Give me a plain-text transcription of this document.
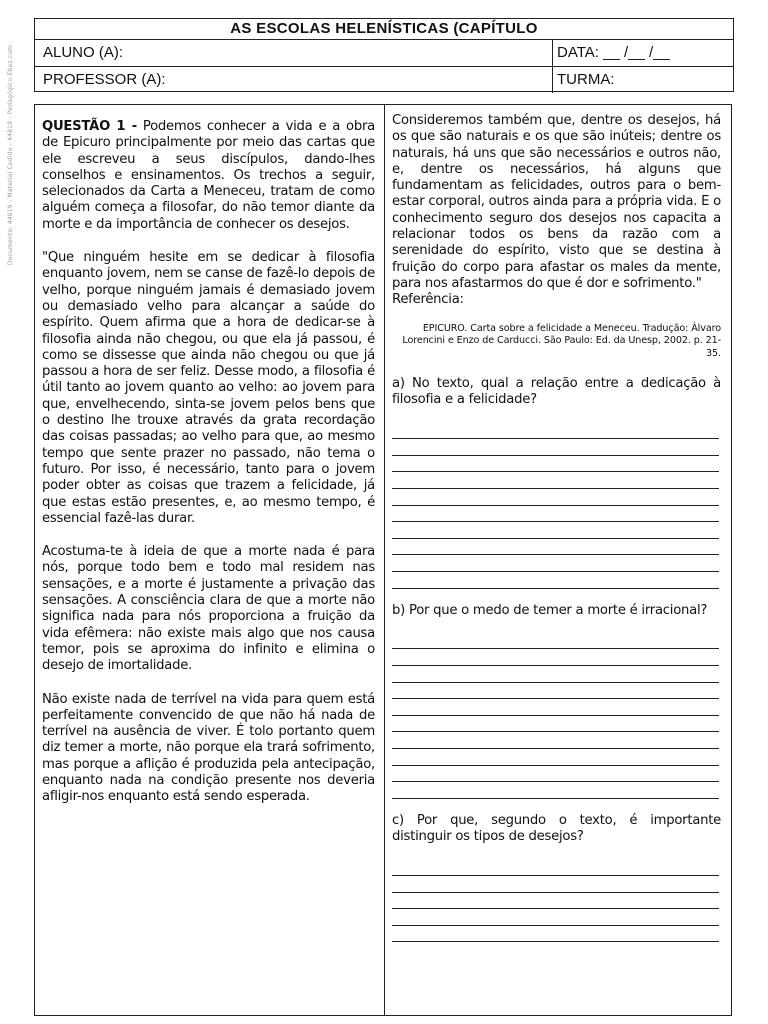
Documento: 44819 - Material Cedido - 44819 - Pedagógico Ebaz.com
AS ESCOLAS HELENÍSTICAS (CAPÍTULO
ALUNO (A):	DATA: __ /__ /__
PROFESSOR (A):	TURMA:

QUESTÃO 1 - Podemos conhecer a vida e a obra de Epicuro principalmente por meio das cartas que ele escreveu a seus discípulos, dando-lhes conselhos e ensinamentos. Os trechos a seguir, selecionados da Carta a Meneceu, tratam de como alguém começa a filosofar, do não temor diante da morte e da importância de conhecer os desejos.

"Que ninguém hesite em se dedicar à filosofia enquanto jovem, nem se canse de fazê-lo depois de velho, porque ninguém jamais é demasiado jovem ou demasiado velho para alcançar a saúde do espírito. Quem afirma que a hora de dedicar-se à filosofia ainda não chegou, ou que ela já passou, é como se dissesse que ainda não chegou ou que já passou a hora de ser feliz. Desse modo, a filosofia é útil tanto ao jovem quanto ao velho: ao jovem para que, envelhecendo, sinta-se jovem pelos bens que o destino lhe trouxe através da grata recordação das coisas passadas; ao velho para que, ao mesmo tempo que sente prazer no passado, não tema o futuro. Por isso, é necessário, tanto para o jovem poder obter as coisas que trazem a felicidade, já que estas estão presentes, e, ao mesmo tempo, é essencial fazê-las durar.

Acostuma-te à ideia de que a morte nada é para nós, porque todo bem e todo mal residem nas sensações, e a morte é justamente a privação das sensações. A consciência clara de que a morte não significa nada para nós proporciona a fruição da vida efêmera: não existe mais algo que nos causa temor, pois se aproxima do infinito e elimina o desejo de imortalidade.

Não existe nada de terrível na vida para quem está perfeitamente convencido de que não há nada de terrível na ausência de viver. É tolo portanto quem diz temer a morte, não porque ela trará sofrimento, mas porque a aflição é produzida pela antecipação, enquanto nada na condição presente nos deveria afligir-nos enquanto está sendo esperada.

Consideremos também que, dentre os desejos, há os que são naturais e os que são inúteis; dentre os naturais, há uns que são necessários e outros não, e, dentre os necessários, há alguns que fundamentam as felicidades, outros para o bem-estar corporal, outros ainda para a própria vida. E o conhecimento seguro dos desejos nos capacita a relacionar todos os bens da razão com a serenidade do espírito, visto que se destina à fruição do corpo para afastar os males da mente, para nos afastarmos do que é dor e sofrimento."

Referência:

EPICURO. Carta sobre a felicidade a Meneceu. Tradução: Álvaro Lorencini e Enzo de Carducci. São Paulo: Ed. da Unesp, 2002. p. 21-35.

a) No texto, qual a relação entre a dedicação à filosofia e a felicidade?

b) Por que o medo de temer a morte é irracional?

c) Por que, segundo o texto, é importante distinguir os tipos de desejos?
